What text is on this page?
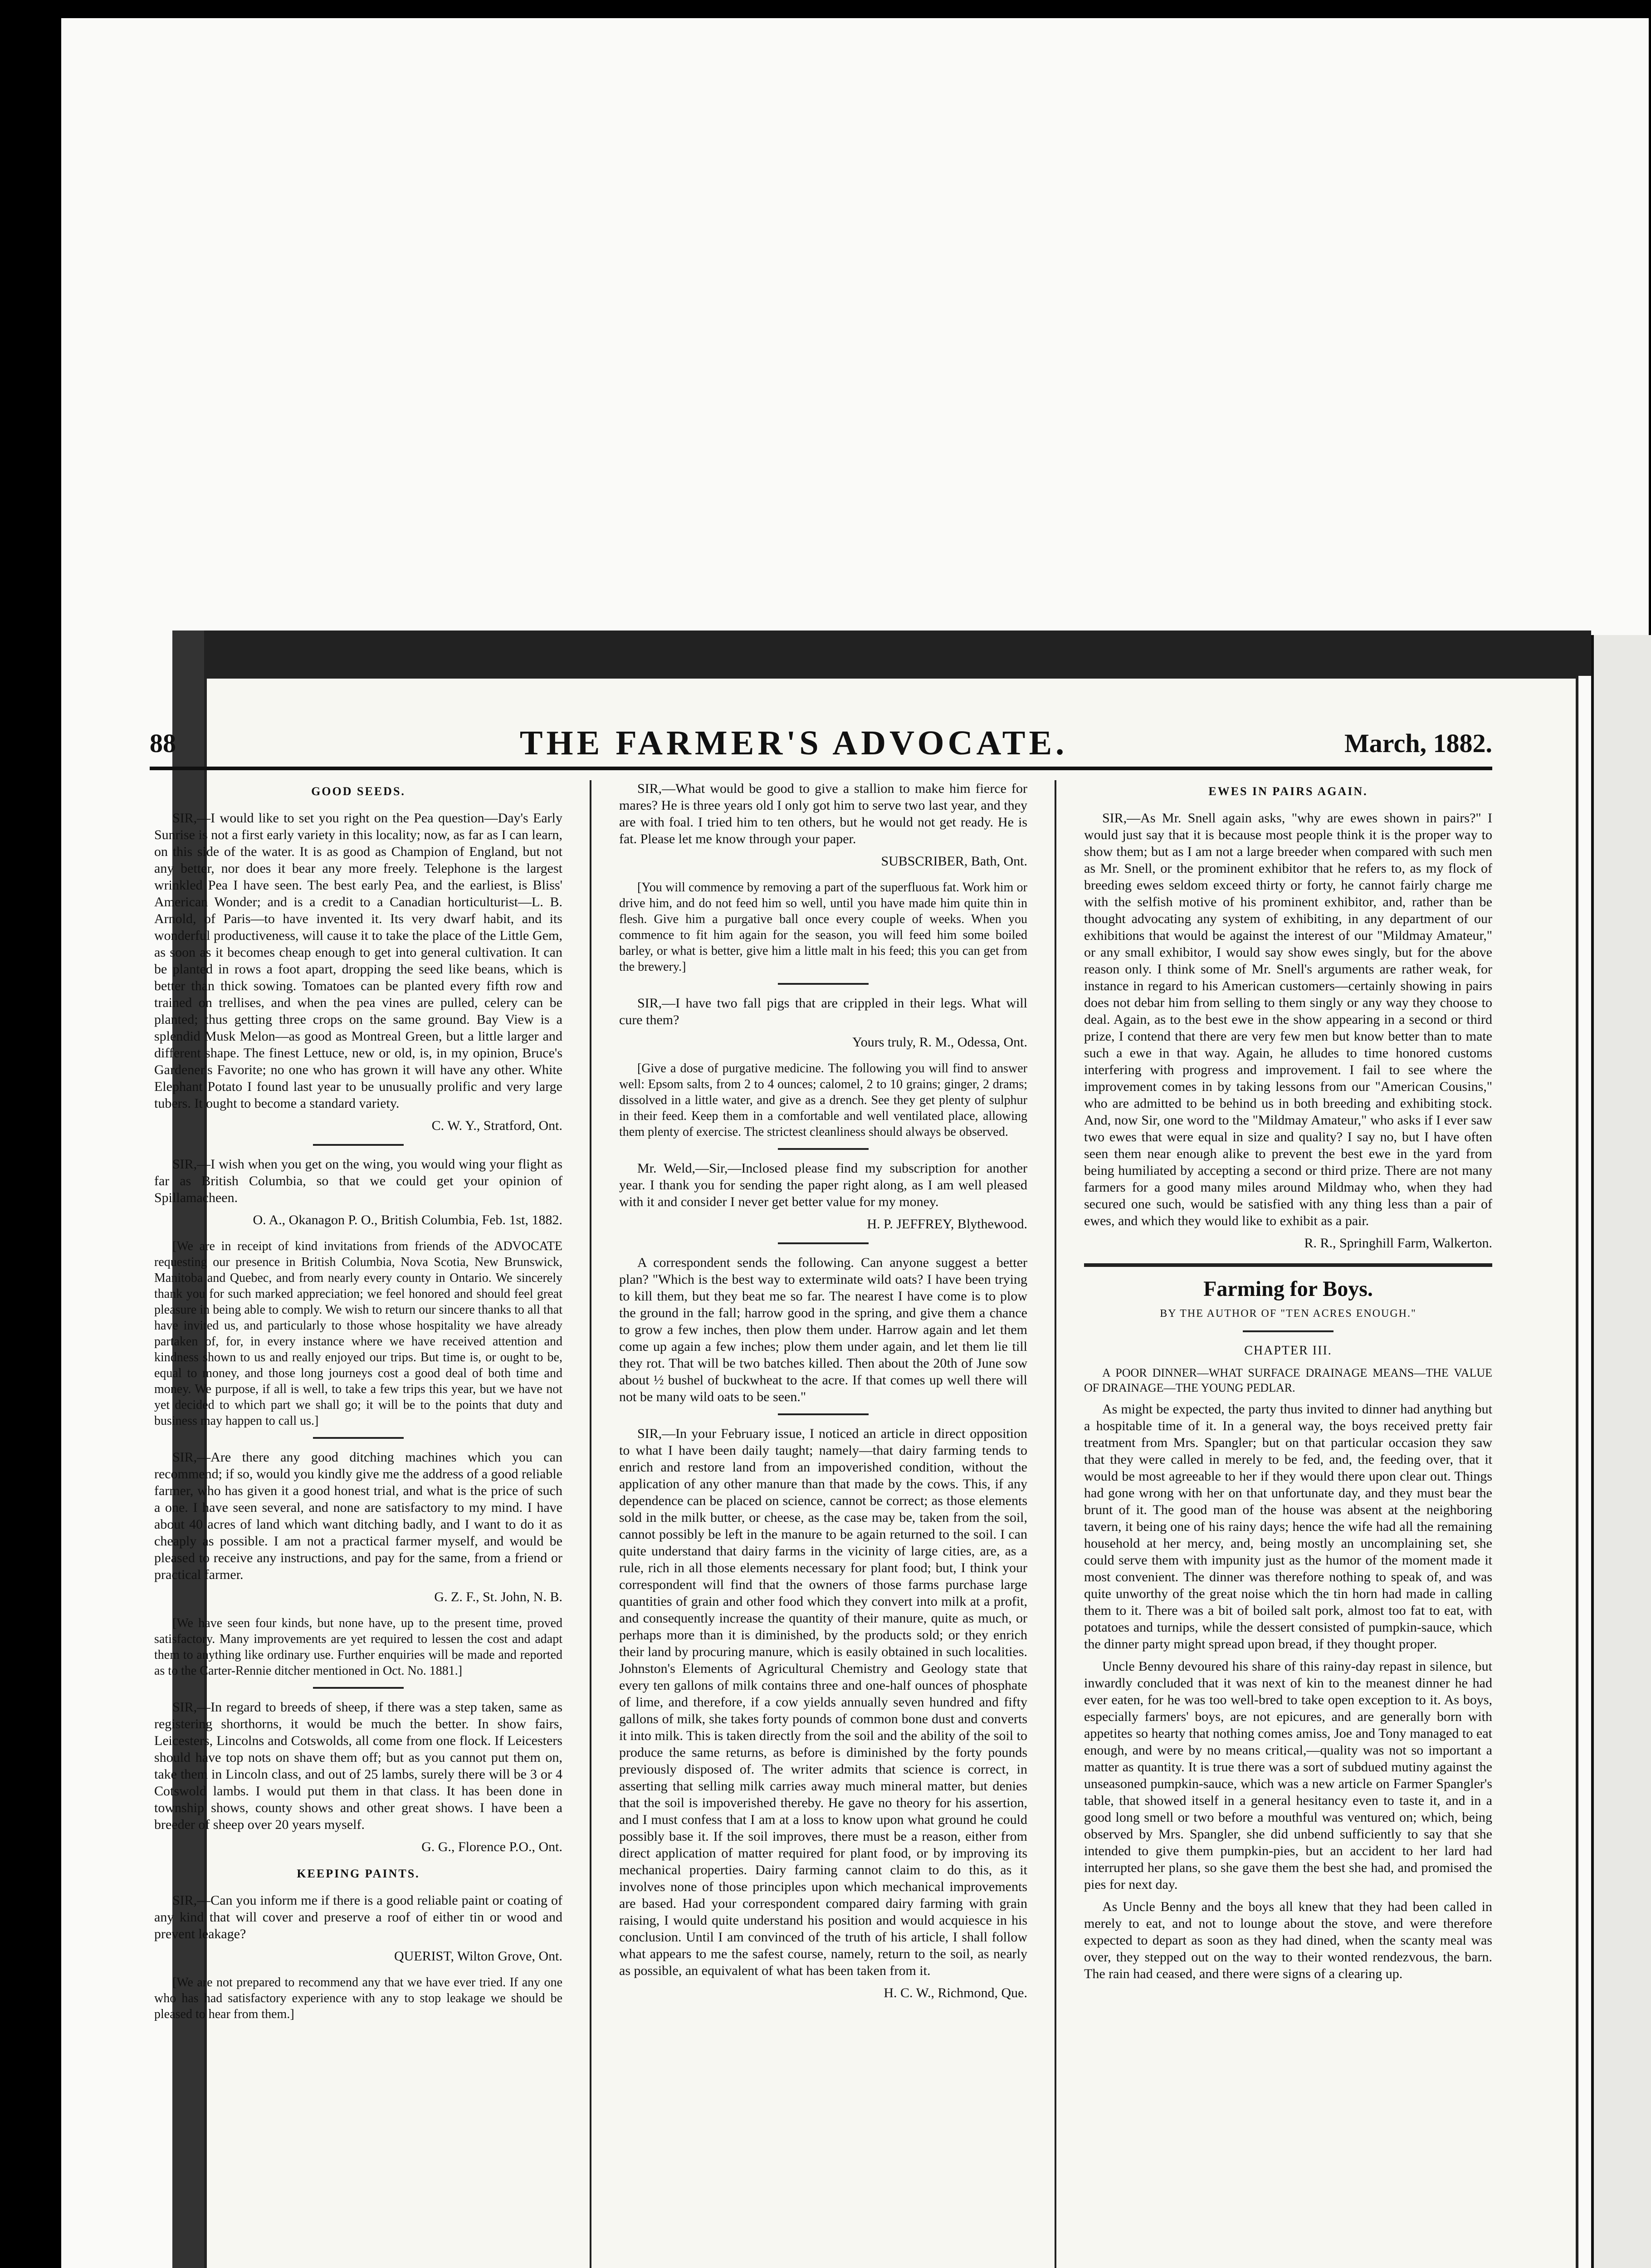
88	THE FARMER'S ADVOCATE.	March, 1882.
GOOD SEEDS.

SIR,—I would like to set you right on the Pea question—Day's Early Sunrise is not a first early variety in this locality; now, as far as I can learn, on this side of the water. It is as good as Champion of England, but not any better, nor does it bear any more freely. Telephone is the largest wrinkled Pea I have seen. The best early Pea, and the earliest, is Bliss' American Wonder; and is a credit to a Canadian horticulturist—L. B. Arnold, of Paris—to have invented it. Its very dwarf habit, and its wonderful productiveness, will cause it to take the place of the Little Gem, as soon as it becomes cheap enough to get into general cultivation. It can be planted in rows a foot apart, dropping the seed like beans, which is better than thick sowing. Tomatoes can be planted every fifth row and trained on trellises, and when the pea vines are pulled, celery can be planted; thus getting three crops on the same ground. Bay View is a splendid Musk Melon—as good as Montreal Green, but a little larger and different shape. The finest Lettuce, new or old, is, in my opinion, Bruce's Gardener's Favorite; no one who has grown it will have any other. White Elephant Potato I found last year to be unusually prolific and very large tubers. It ought to become a standard variety.

C. W. Y., Stratford, Ont.

SIR,—I wish when you get on the wing, you would wing your flight as far as British Columbia, so that we could get your opinion of Spillamacheen.

O. A., Okanagon P. O., British Columbia, Feb. 1st, 1882.

[We are in receipt of kind invitations from friends of the ADVOCATE requesting our presence in British Columbia, Nova Scotia, New Brunswick, Manitoba and Quebec, and from nearly every county in Ontario. We sincerely thank you for such marked appreciation; we feel honored and should feel great pleasure in being able to comply. We wish to return our sincere thanks to all that have invited us, and particularly to those whose hospitality we have already partaken of, for, in every instance where we have received attention and kindness shown to us and really enjoyed our trips. But time is, or ought to be, equal to money, and those long journeys cost a good deal of both time and money. We purpose, if all is well, to take a few trips this year, but we have not yet decided to which part we shall go; it will be to the points that duty and business may happen to call us.]

SIR,—Are there any good ditching machines which you can recommend; if so, would you kindly give me the address of a good reliable farmer, who has given it a good honest trial, and what is the price of such a one. I have seen several, and none are satisfactory to my mind. I have about 40 acres of land which want ditching badly, and I want to do it as cheaply as possible. I am not a practical farmer myself, and would be pleased to receive any instructions, and pay for the same, from a friend or practical farmer.

G. Z. F., St. John, N. B.

[We have seen four kinds, but none have, up to the present time, proved satisfactory. Many improvements are yet required to lessen the cost and adapt them to anything like ordinary use. Further enquiries will be made and reported as to the Carter-Rennie ditcher mentioned in Oct. No. 1881.]

SIR,—In regard to breeds of sheep, if there was a step taken, same as registering shorthorns, it would be much the better. In show fairs, Leicesters, Lincolns and Cotswolds, all come from one flock. If Leicesters should have top nots on shave them off; but as you cannot put them on, take them in Lincoln class, and out of 25 lambs, surely there will be 3 or 4 Cotswold lambs. I would put them in that class. It has been done in township shows, county shows and other great shows. I have been a breeder of sheep over 20 years myself.

G. G., Florence P.O., Ont.

KEEPING PAINTS.

SIR,—Can you inform me if there is a good reliable paint or coating of any kind that will cover and preserve a roof of either tin or wood and prevent leakage?

QUERIST, Wilton Grove, Ont.

[We are not prepared to recommend any that we have ever tried. If any one who has had satisfactory experience with any to stop leakage we should be pleased to hear from them.]

SIR,—What would be good to give a stallion to make him fierce for mares? He is three years old I only got him to serve two last year, and they are with foal. I tried him to ten others, but he would not get ready. He is fat. Please let me know through your paper.

SUBSCRIBER, Bath, Ont.

[You will commence by removing a part of the superfluous fat. Work him or drive him, and do not feed him so well, until you have made him quite thin in flesh. Give him a purgative ball once every couple of weeks. When you commence to fit him again for the season, you will feed him some boiled barley, or what is better, give him a little malt in his feed; this you can get from the brewery.]

SIR,—I have two fall pigs that are crippled in their legs. What will cure them?

Yours truly, R. M., Odessa, Ont.

[Give a dose of purgative medicine. The following you will find to answer well: Epsom salts, from 2 to 4 ounces; calomel, 2 to 10 grains; ginger, 2 drams; dissolved in a little water, and give as a drench. See they get plenty of sulphur in their feed. Keep them in a comfortable and well ventilated place, allowing them plenty of exercise. The strictest cleanliness should always be observed.

Mr. Weld,—Sir,—Inclosed please find my subscription for another year. I thank you for sending the paper right along, as I am well pleased with it and consider I never get better value for my money.

H. P. JEFFREY, Blythewood.

A correspondent sends the following. Can anyone suggest a better plan? "Which is the best way to exterminate wild oats? I have been trying to kill them, but they beat me so far. The nearest I have come is to plow the ground in the fall; harrow good in the spring, and give them a chance to grow a few inches, then plow them under. Harrow again and let them come up again a few inches; plow them under again, and let them lie till they rot. That will be two batches killed. Then about the 20th of June sow about ½ bushel of buckwheat to the acre. If that comes up well there will not be many wild oats to be seen."

SIR,—In your February issue, I noticed an article in direct opposition to what I have been daily taught; namely—that dairy farming tends to enrich and restore land from an impoverished condition, without the application of any other manure than that made by the cows. This, if any dependence can be placed on science, cannot be correct; as those elements sold in the milk butter, or cheese, as the case may be, taken from the soil, cannot possibly be left in the manure to be again returned to the soil. I can quite understand that dairy farms in the vicinity of large cities, are, as a rule, rich in all those elements necessary for plant food; but, I think your correspondent will find that the owners of those farms purchase large quantities of grain and other food which they convert into milk at a profit, and consequently increase the quantity of their manure, quite as much, or perhaps more than it is diminished, by the products sold; or they enrich their land by procuring manure, which is easily obtained in such localities. Johnston's Elements of Agricultural Chemistry and Geology state that every ten gallons of milk contains three and one-half ounces of phosphate of lime, and therefore, if a cow yields annually seven hundred and fifty gallons of milk, she takes forty pounds of common bone dust and converts it into milk. This is taken directly from the soil and the ability of the soil to produce the same returns, as before is diminished by the forty pounds previously disposed of. The writer admits that science is correct, in asserting that selling milk carries away much mineral matter, but denies that the soil is impoverished thereby. He gave no theory for his assertion, and I must confess that I am at a loss to know upon what ground he could possibly base it. If the soil improves, there must be a reason, either from direct application of matter required for plant food, or by improving its mechanical properties. Dairy farming cannot claim to do this, as it involves none of those principles upon which mechanical improvements are based. Had your correspondent compared dairy farming with grain raising, I would quite understand his position and would acquiesce in his conclusion. Until I am convinced of the truth of his article, I shall follow what appears to me the safest course, namely, return to the soil, as nearly as possible, an equivalent of what has been taken from it.

H. C. W., Richmond, Que.

EWES IN PAIRS AGAIN.

SIR,—As Mr. Snell again asks, "why are ewes shown in pairs?" I would just say that it is because most people think it is the proper way to show them; but as I am not a large breeder when compared with such men as Mr. Snell, or the prominent exhibitor that he refers to, as my flock of breeding ewes seldom exceed thirty or forty, he cannot fairly charge me with the selfish motive of his prominent exhibitor, and, rather than be thought advocating any system of exhibiting, in any department of our exhibitions that would be against the interest of our "Mildmay Amateur," or any small exhibitor, I would say show ewes singly, but for the above reason only. I think some of Mr. Snell's arguments are rather weak, for instance in regard to his American customers—certainly showing in pairs does not debar him from selling to them singly or any way they choose to deal. Again, as to the best ewe in the show appearing in a second or third prize, I contend that there are very few men but know better than to mate such a ewe in that way. Again, he alludes to time honored customs interfering with progress and improvement. I fail to see where the improvement comes in by taking lessons from our "American Cousins," who are admitted to be behind us in both breeding and exhibiting stock. And, now Sir, one word to the "Mildmay Amateur," who asks if I ever saw two ewes that were equal in size and quality? I say no, but I have often seen them near enough alike to prevent the best ewe in the yard from being humiliated by accepting a second or third prize. There are not many farmers for a good many miles around Mildmay who, when they had secured one such, would be satisfied with any thing less than a pair of ewes, and which they would like to exhibit as a pair.

R. R., Springhill Farm, Walkerton.

Farming for Boys.
BY THE AUTHOR OF "TEN ACRES ENOUGH."
CHAPTER III.

A POOR DINNER—WHAT SURFACE DRAINAGE MEANS—THE VALUE OF DRAINAGE—THE YOUNG PEDLAR.

As might be expected, the party thus invited to dinner had anything but a hospitable time of it. In a general way, the boys received pretty fair treatment from Mrs. Spangler; but on that particular occasion they saw that they were called in merely to be fed, and, the feeding over, that it would be most agreeable to her if they would there upon clear out. Things had gone wrong with her on that unfortunate day, and they must bear the brunt of it. The good man of the house was absent at the neighboring tavern, it being one of his rainy days; hence the wife had all the remaining household at her mercy, and, being mostly an uncomplaining set, she could serve them with impunity just as the humor of the moment made it most convenient. The dinner was therefore nothing to speak of, and was quite unworthy of the great noise which the tin horn had made in calling them to it. There was a bit of boiled salt pork, almost too fat to eat, with potatoes and turnips, while the dessert consisted of pumpkin-sauce, which the dinner party might spread upon bread, if they thought proper.

Uncle Benny devoured his share of this rainy-day repast in silence, but inwardly concluded that it was next of kin to the meanest dinner he had ever eaten, for he was too well-bred to take open exception to it. As boys, especially farmers' boys, are not epicures, and are generally born with appetites so hearty that nothing comes amiss, Joe and Tony managed to eat enough, and were by no means critical,—quality was not so important a matter as quantity. It is true there was a sort of subdued mutiny against the unseasoned pumpkin-sauce, which was a new article on Farmer Spangler's table, that showed itself in a general hesitancy even to taste it, and in a good long smell or two before a mouthful was ventured on; which, being observed by Mrs. Spangler, she did unbend sufficiently to say that she intended to give them pumpkin-pies, but an accident to her lard had interrupted her plans, so she gave them the best she had, and promised the pies for next day.

As Uncle Benny and the boys all knew that they had been called in merely to eat, and not to lounge about the stove, and were therefore expected to depart as soon as they had dined, when the scanty meal was over, they stepped out on the way to their wonted rendezvous, the barn. The rain had ceased, and there were signs of a clearing up.
